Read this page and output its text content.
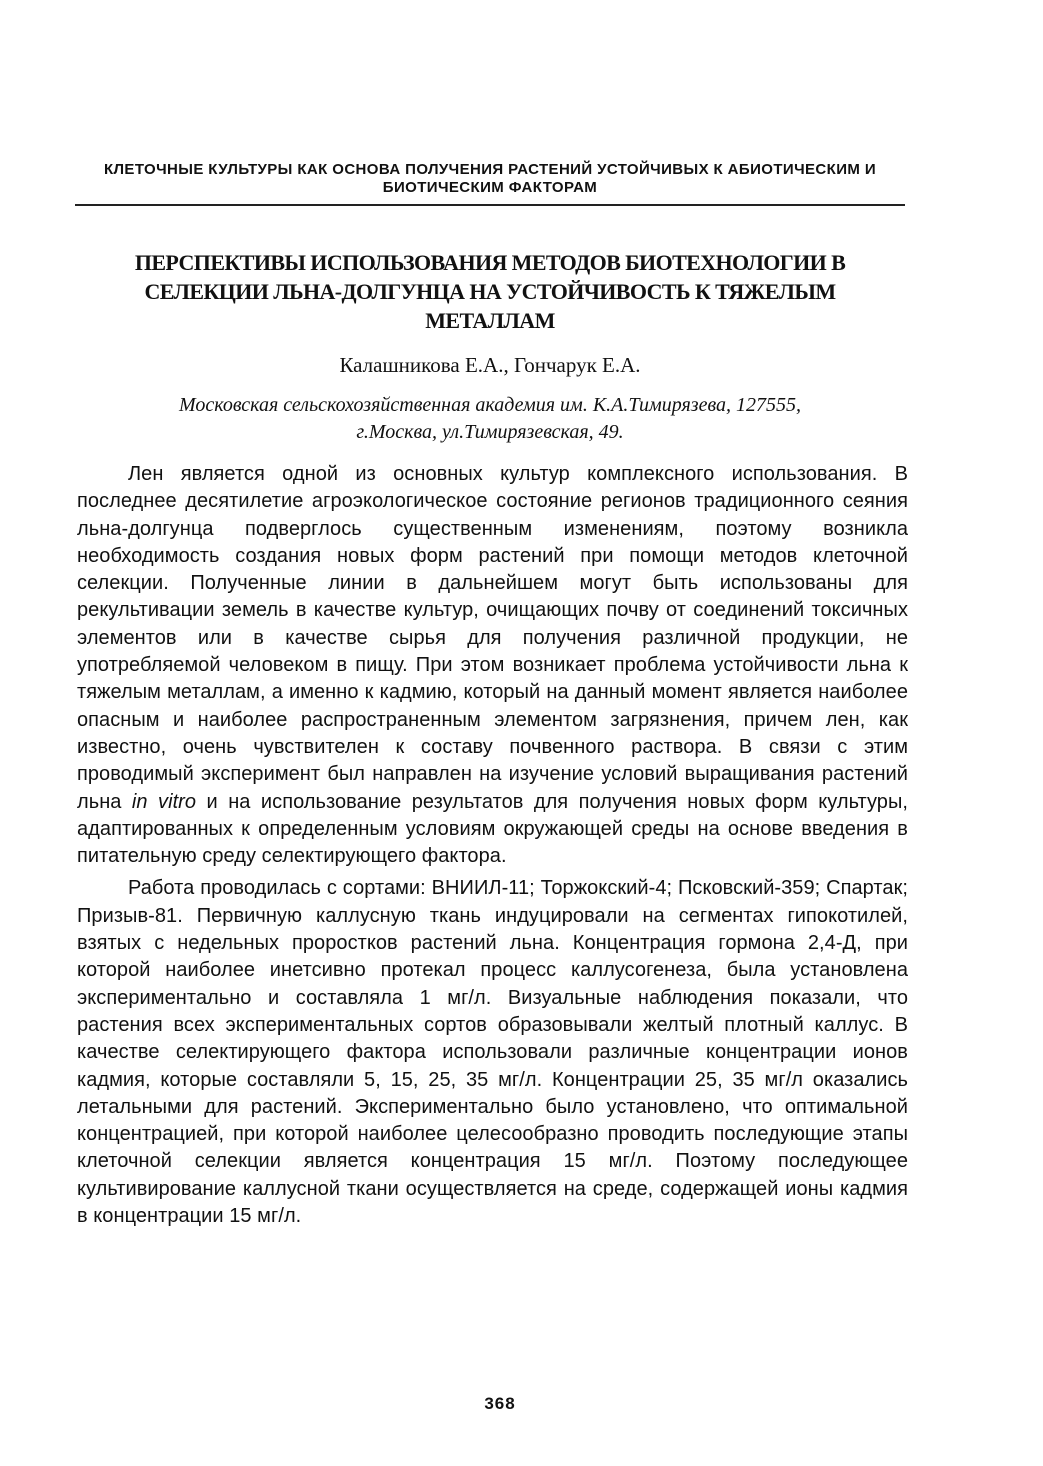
КЛЕТОЧНЫЕ КУЛЬТУРЫ КАК ОСНОВА ПОЛУЧЕНИЯ РАСТЕНИЙ УСТОЙЧИВЫХ К АБИОТИЧЕСКИМ И БИОТИЧЕСКИМ ФАКТОРАМ
ПЕРСПЕКТИВЫ ИСПОЛЬЗОВАНИЯ МЕТОДОВ БИОТЕХНОЛОГИИ В СЕЛЕКЦИИ ЛЬНА-ДОЛГУНЦА НА УСТОЙЧИВОСТЬ К ТЯЖЕЛЫМ МЕТАЛЛАМ
Калашникова Е.А., Гончарук Е.А.
Московская сельскохозяйственная академия им. К.А.Тимирязева, 127555,
г.Москва, ул.Тимирязевская, 49.

Лен является одной из основных культур комплексного использования. В последнее десятилетие агроэкологическое состояние регионов традиционного сеяния льна-долгунца подверглось существенным изменениям, поэтому возникла необходимость создания новых форм растений при помощи методов клеточной селекции. Полученные линии в дальнейшем могут быть использованы для рекультивации земель в качестве культур, очищающих почву от соединений токсичных элементов или в качестве сырья для получения различной продукции, не употребляемой человеком в пищу. При этом возникает проблема устойчивости льна к тяжелым металлам, а именно к кадмию, который на данный момент является наиболее опасным и наиболее распространенным элементом загрязнения, причем лен, как известно, очень чувствителен к составу почвенного раствора. В связи с этим проводимый эксперимент был направлен на изучение условий выращивания растений льна in vitro и на использование результатов для получения новых форм культуры, адаптированных к определенным условиям окружающей среды на основе введения в питательную среду селектирующего фактора.

Работа проводилась с сортами: ВНИИЛ-11; Торжокский-4; Псковский-359; Спартак; Призыв-81. Первичную каллусную ткань индуцировали на сегментах гипокотилей, взятых с недельных проростков растений льна. Концентрация гормона 2,4-Д, при которой наиболее инетсивно протекал процесс каллусогенеза, была установлена экспериментально и составляла 1 мг/л. Визуальные наблюдения показали, что растения всех экспериментальных сортов образовывали желтый плотный каллус. В качестве селектирующего фактора использовали различные концентрации ионов кадмия, которые составляли 5, 15, 25, 35 мг/л. Концентрации 25, 35 мг/л оказались летальными для растений. Экспериментально было установлено, что оптимальной концентрацией, при которой наиболее целесообразно проводить последующие этапы клеточной селекции является концентрация 15 мг/л. Поэтому последующее культивирование каллусной ткани осуществляется на среде, содержащей ионы кадмия в концентрации 15 мг/л.

368
